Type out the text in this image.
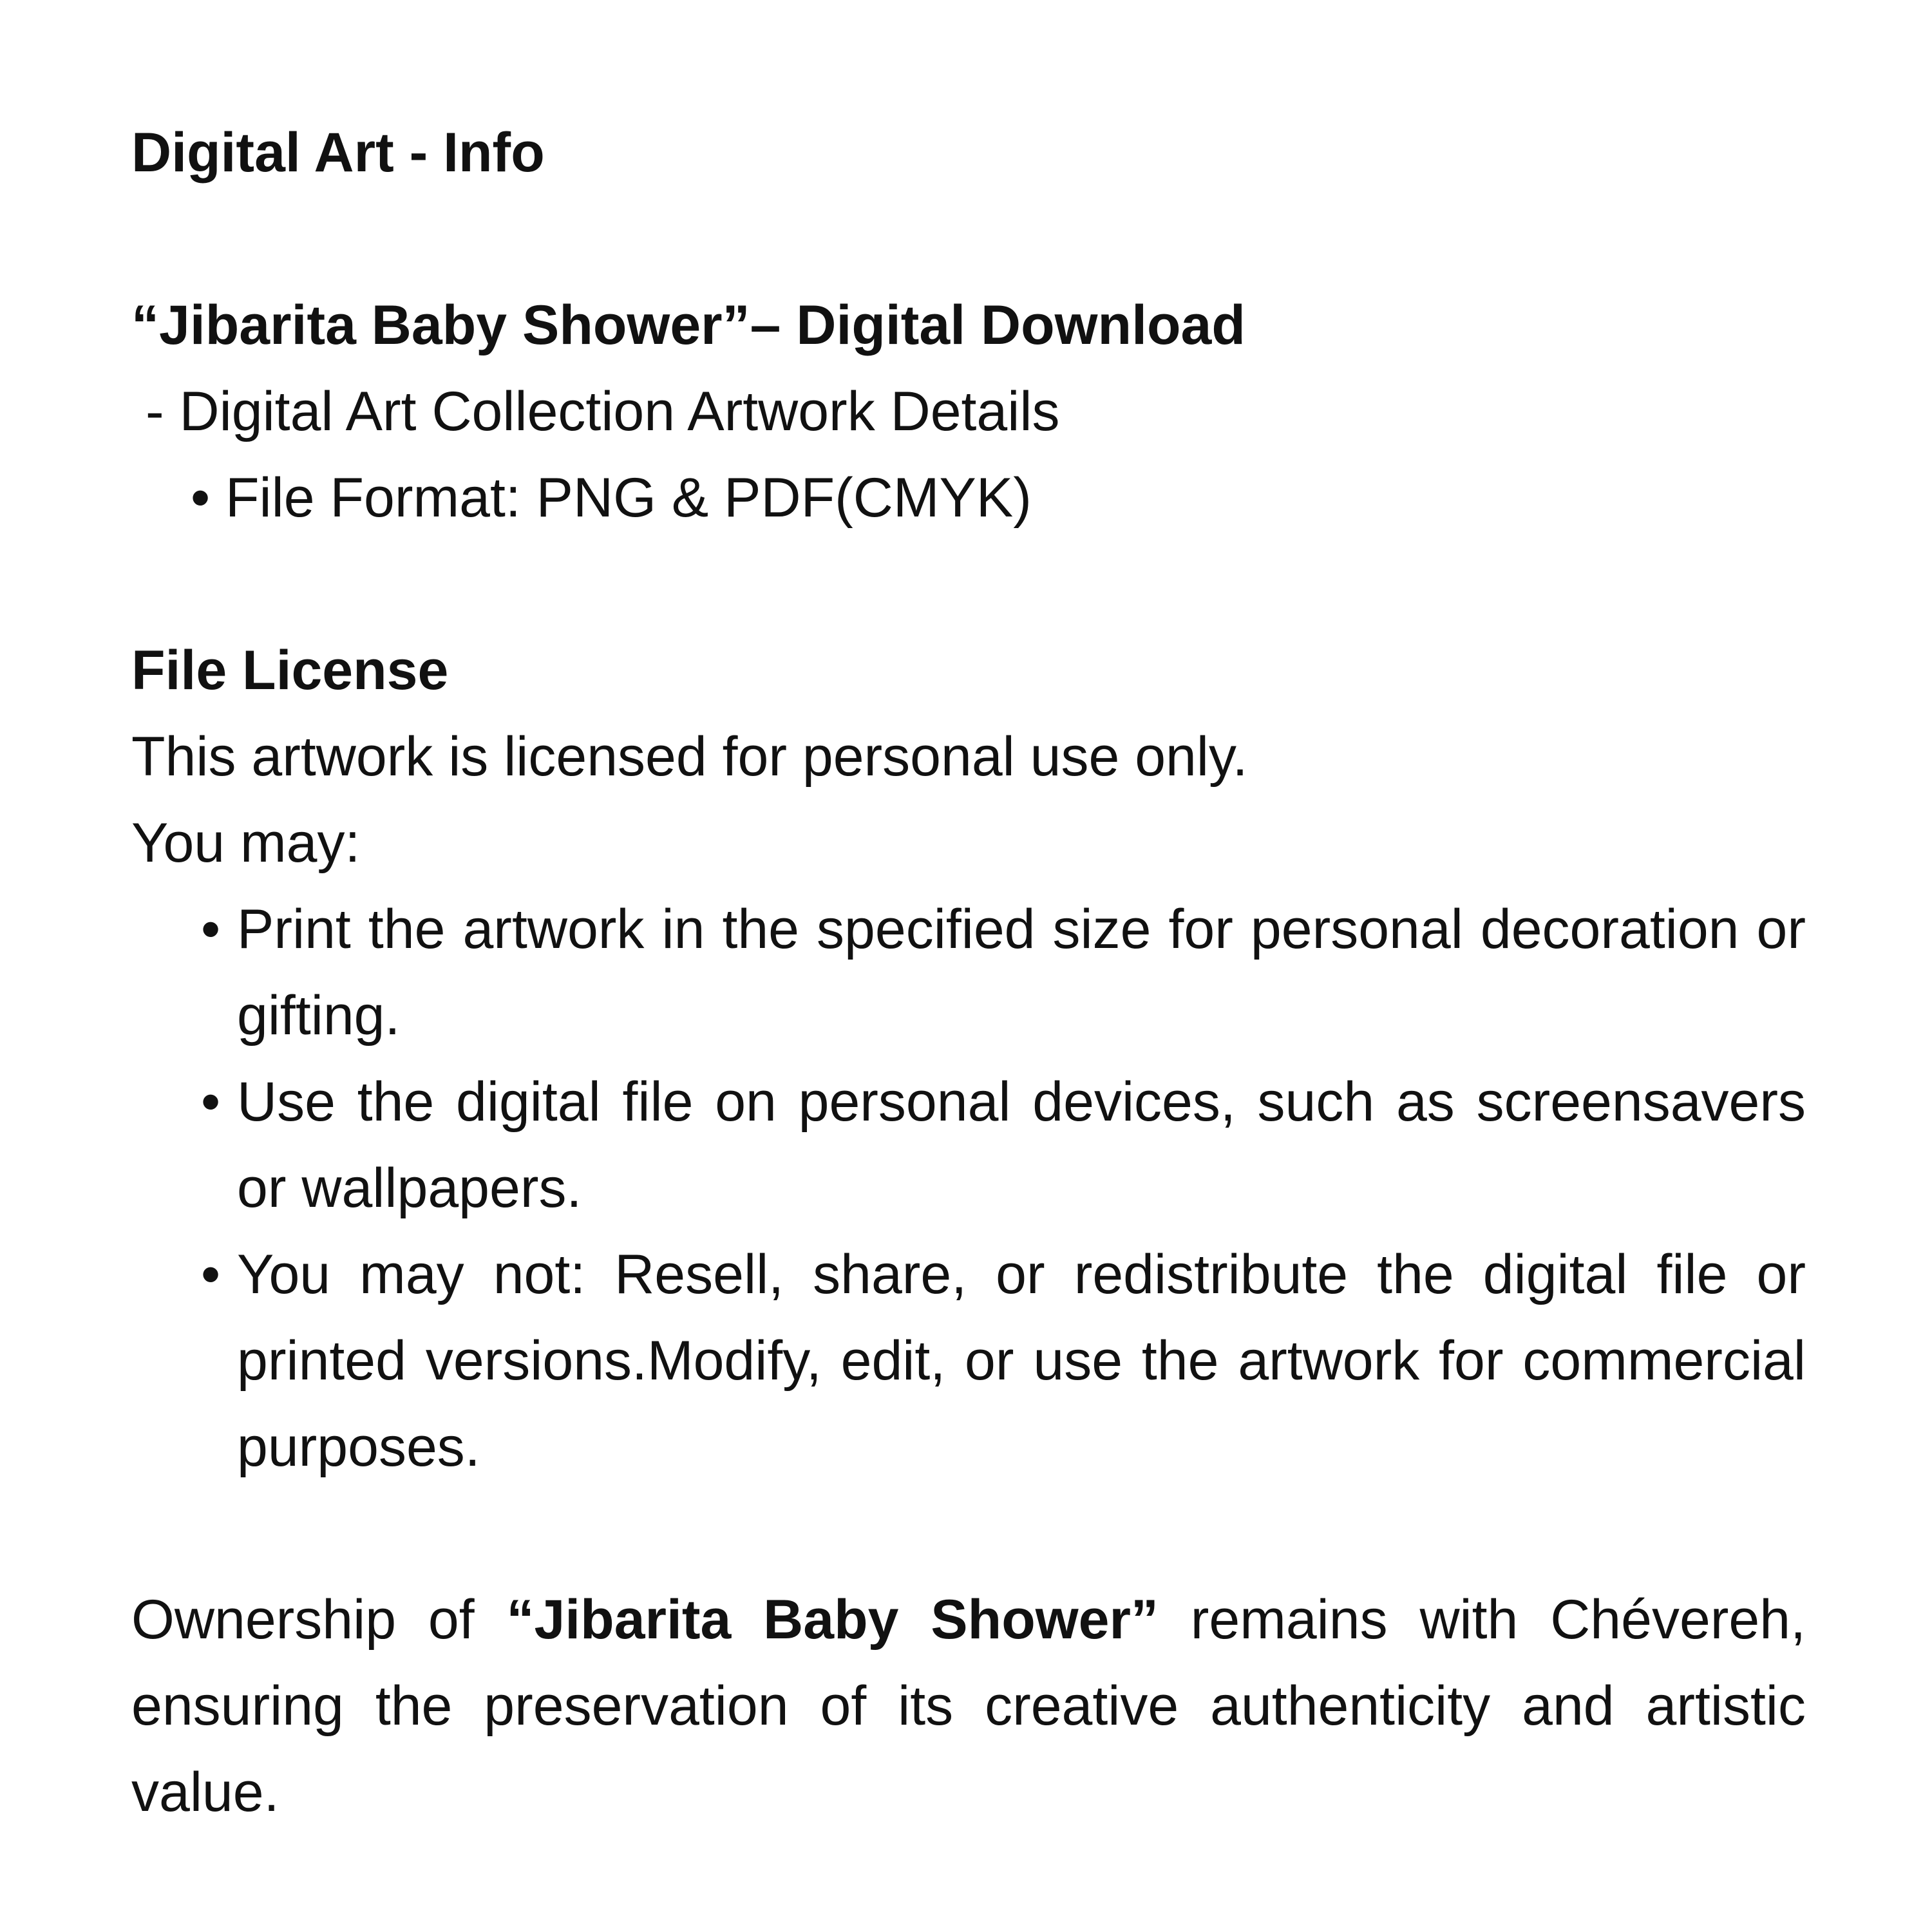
Digital Art - Info

“Jibarita Baby Shower”– Digital Download

- Digital Art Collection Artwork Details

• File Format: PNG & PDF(CMYK)

File License

This artwork is licensed for personal use only.

You may:

• Print the artwork in the specified size for personal decoration or gifting.
• Use the digital file on personal devices, such as screensavers or wallpapers.
• You may not: Resell, share, or redistribute the digital file or printed versions.Modify, edit, or use the artwork for commercial purposes.

Ownership of “Jibarita Baby Shower” remains with Chévereh, ensuring the preservation of its creative authenticity and artistic value.
